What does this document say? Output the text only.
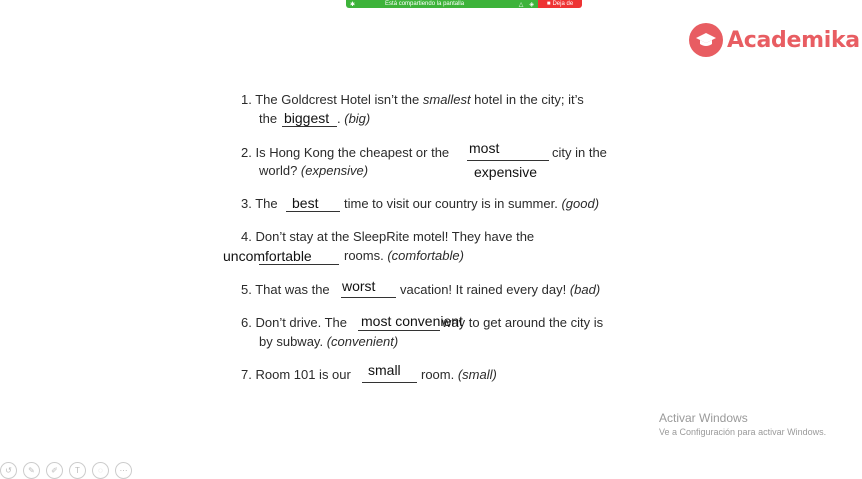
✱	Está compartiendo la pantalla	△ ◈ ■ Deja de
Academika
1. The Goldcrest Hotel isn’t the smallest hotel in the city; it’s
the biggest . (big)
2. Is Hong Kong the cheapest or the most	city in the
world? (expensive)	expensive
3. The best time to visit our country is in summer. (good)
4. Don’t stay at the SleepRite motel! They have the
uncomfortable rooms. (comfortable)
5. That was the worst vacation! It rained every day! (bad)
6. Don’t drive. The	way to get around the city is
most convenient
by subway. (convenient)
7. Room 101 is our small room. (small)
Activar Windows
Ve a Configuración para activar Windows.
↺	✎	✐	T	◌	⋯
